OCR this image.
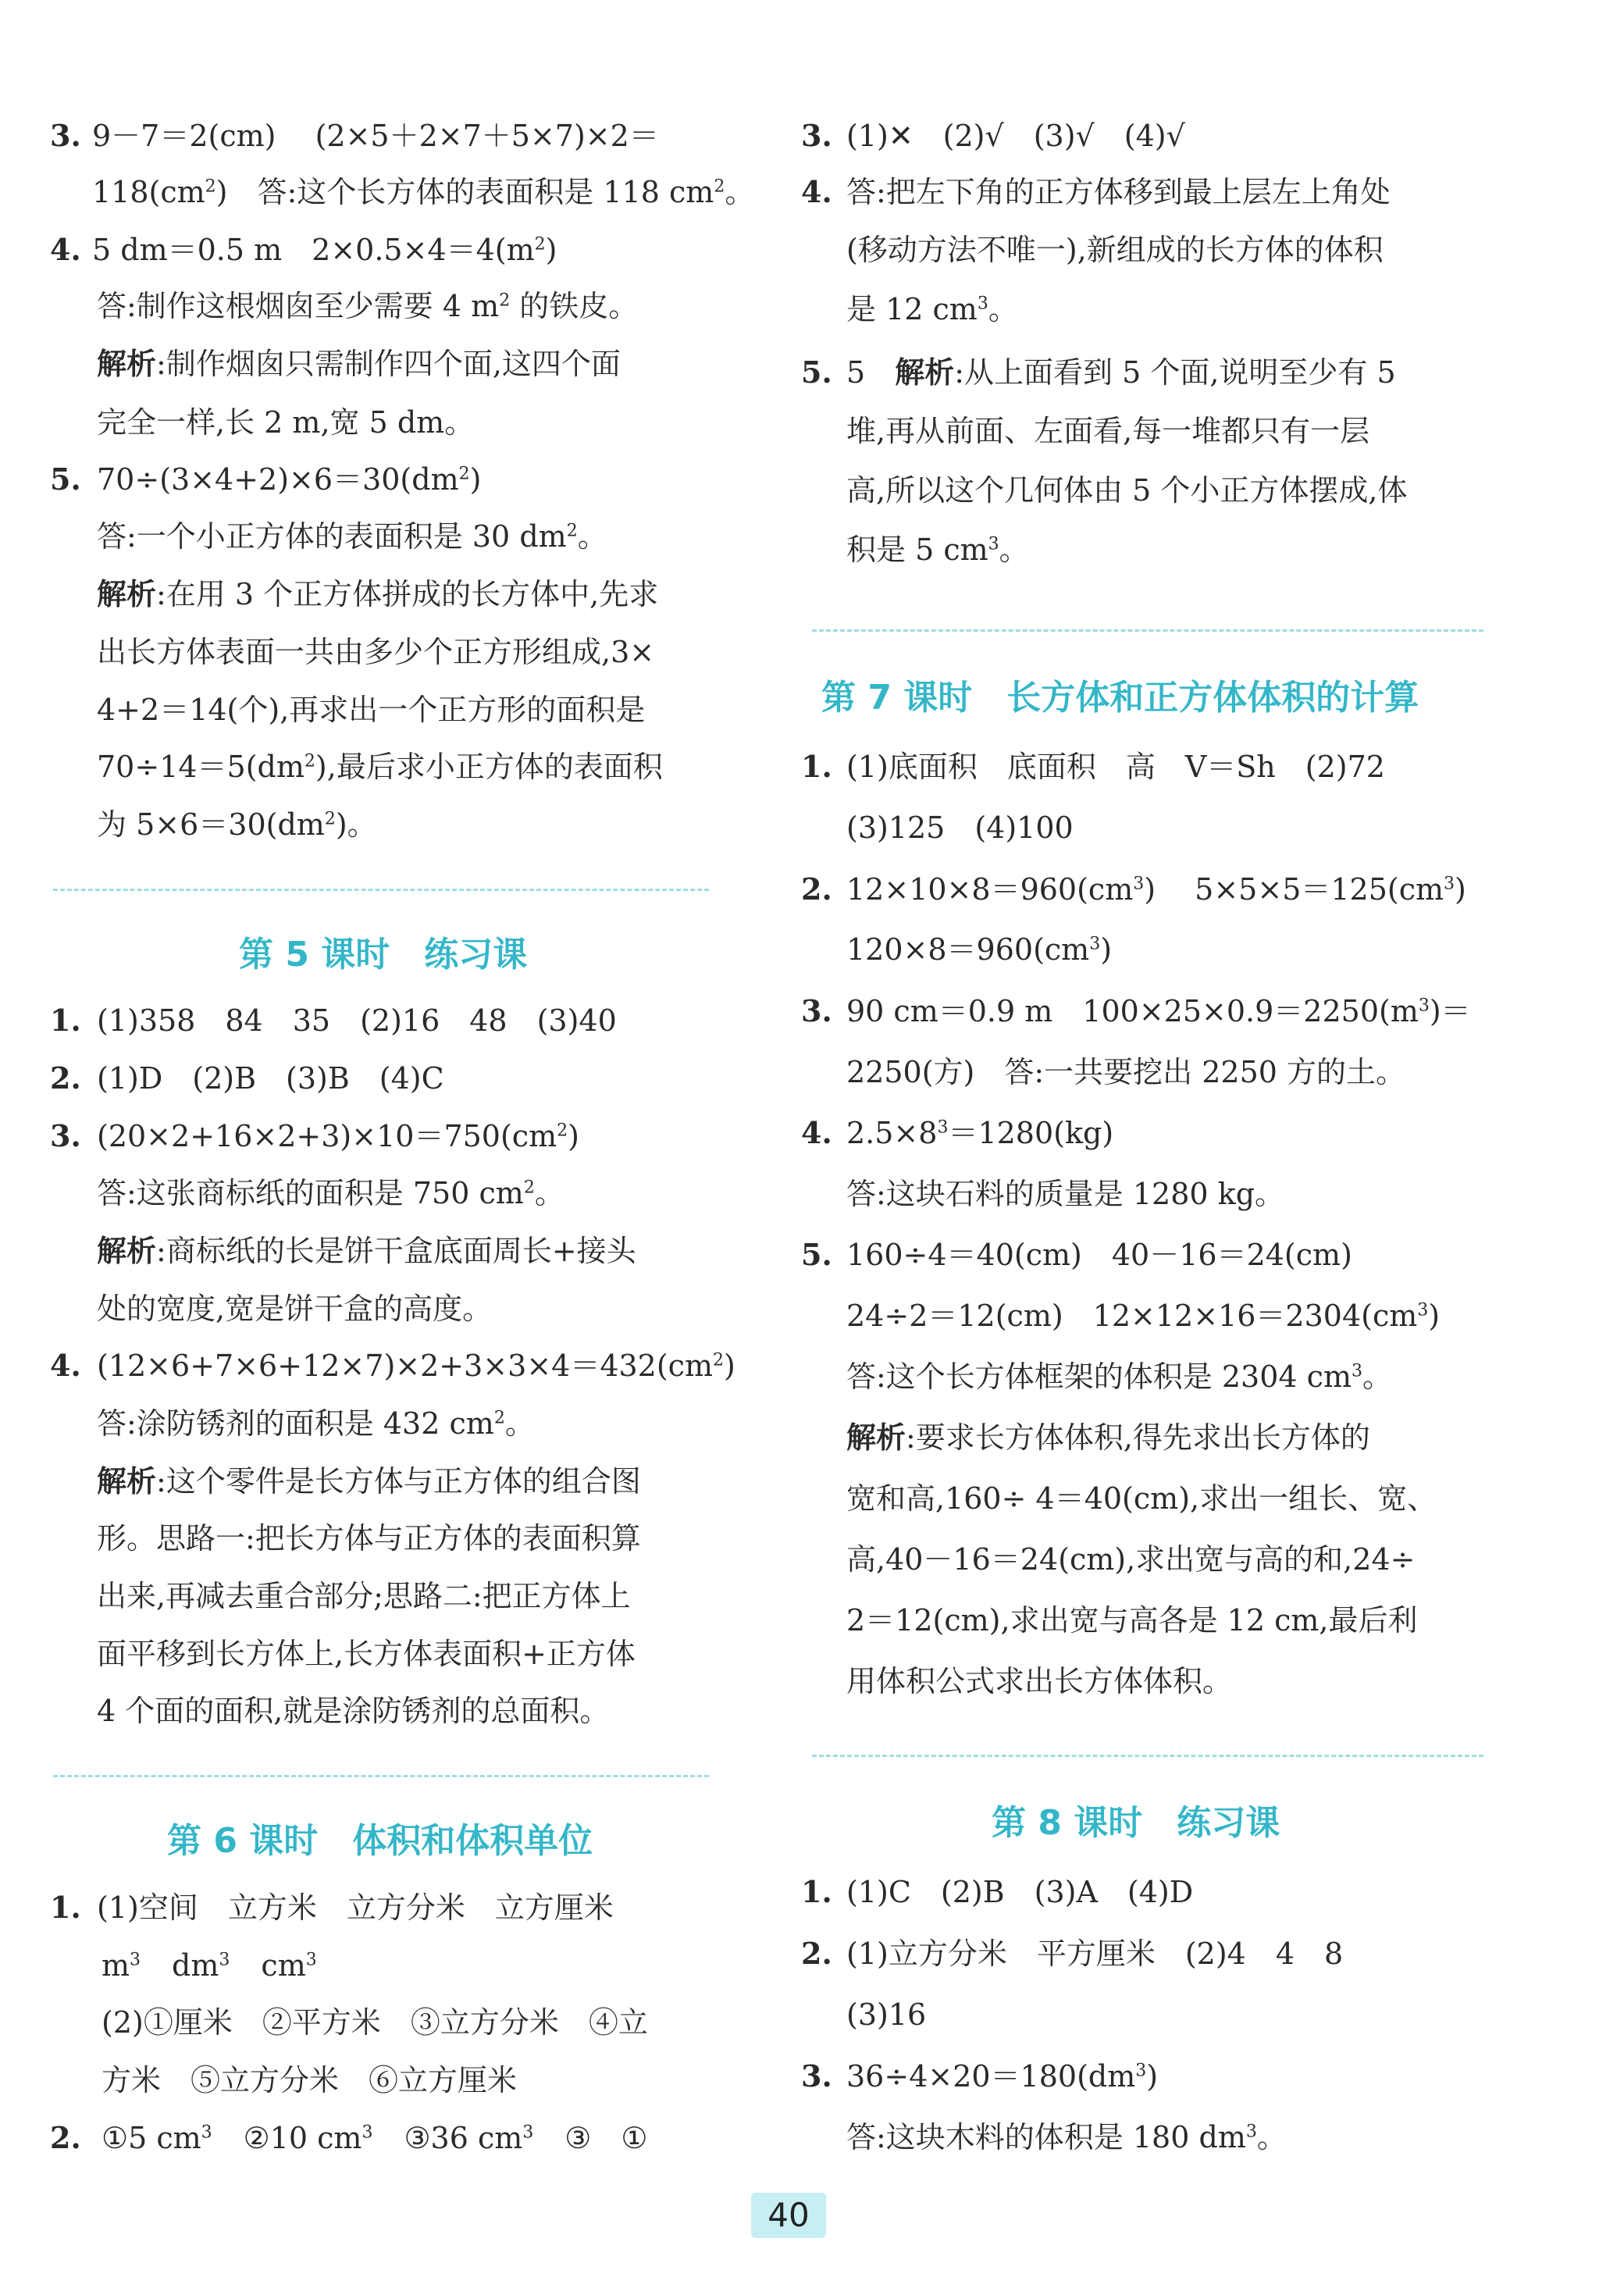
3. 9－7＝2(cm)　 (2×5＋2×7＋5×7)×2＝
$118(cm^2)$　答:这个长方体的表面积是 118 $cm^2$。
4. 5 dm＝0.5 m　$2\times 0.5\times 4=4(m^2)$
答:制作这根烟囱至少需要 4 $m^2$ 的铁皮。
解析:制作烟囱只需制作四个面,这四个面
完全一样,长 2 m,宽 5 dm。
5. $70\div(3\times 4+2)\times 6=30(dm^2)$
答:一个小正方体的表面积是 30 $dm^2$。
解析:在用 3 个正方体拼成的长方体中,先求
出长方体表面一共由多少个正方形组成,3×
4+2＝14(个),再求出一个正方形的面积是
$70\div 14=5(dm^2)$,最后求小正方体的表面积
为 $5\times 6=30(dm^2)$。
第 5 课时 练习课
1. (1)358　84　35　(2)16　48　(3)40
2. (1)D　(2)B　(3)B　(4)C
3. $(20\times 2+16\times 2+3)\times 10=750(cm^2)$
答:这张商标纸的面积是 750 $cm^2$。
解析:商标纸的长是饼干盒底面周长+接头
处的宽度,宽是饼干盒的高度。
4. $(12\times 6+7\times 6+12\times 7)\times 2+3\times 3\times 4=432(cm^2)$
答:涂防锈剂的面积是 432 $cm^2$。
解析:这个零件是长方体与正方体的组合图
形。思路一:把长方体与正方体的表面积算
出来,再减去重合部分;思路二:把正方体上
面平移到长方体上,长方体表面积+正方体
4 个面的面积,就是涂防锈剂的总面积。
第 6 课时 体积和体积单位
1. (1)空间　立方米　立方分米　立方厘米
$m^3$ $dm^3$ $cm^3$
(2)①厘米　②平方米　③立方分米　④立
方米　⑤立方分米　⑥立方厘米
2. ①5 $cm^3$ ②10 $cm^3$ ③36 $cm^3$ ③　①
3. (1)✕　(2)√　(3)√　(4)√
4. 答:把左下角的正方体移到最上层左上角处
(移动方法不唯一),新组成的长方体的体积
是 12 $cm^3$。
5. 5　解析:从上面看到 5 个面,说明至少有 5
堆,再从前面、左面看,每一堆都只有一层
高,所以这个几何体由 5 个小正方体摆成,体
积是 5 $cm^3$。
第 7 课时 长方体和正方体体积的计算
1. (1)底面积　底面积　高　V＝Sh　(2)72
(3)125　(4)100
2. $12\times 10\times 8=960(cm^3)$　 $5\times 5\times 5=125(cm^3)$
$120\times 8=960(cm^3)$
3. 90 cm＝0.9 m　$100\times 25\times 0.9=2250(m^3)=$
2250(方)　答:一共要挖出 2250 方的土。
4. $2.5\times 8^3=1280(kg)$
答:这块石料的质量是 1280 kg。
5. 160÷4＝40(cm)　40－16＝24(cm)
24÷2＝12(cm)　$12\times 12\times 16=2304(cm^3)$
答:这个长方体框架的体积是 2304 $cm^3$。
解析:要求长方体体积,得先求出长方体的
宽和高,160÷ 4＝40(cm),求出一组长、宽、
高,40－16＝24(cm),求出宽与高的和,24÷
2＝12(cm),求出宽与高各是 12 cm,最后利
用体积公式求出长方体体积。
第 8 课时 练习课
1. (1)C　(2)B　(3)A　(4)D
2. (1)立方分米　平方厘米　(2)4　4　8
(3)16
3. $36\div 4\times 20=180(dm^3)$
答:这块木料的体积是 180 $dm^3$。
40
